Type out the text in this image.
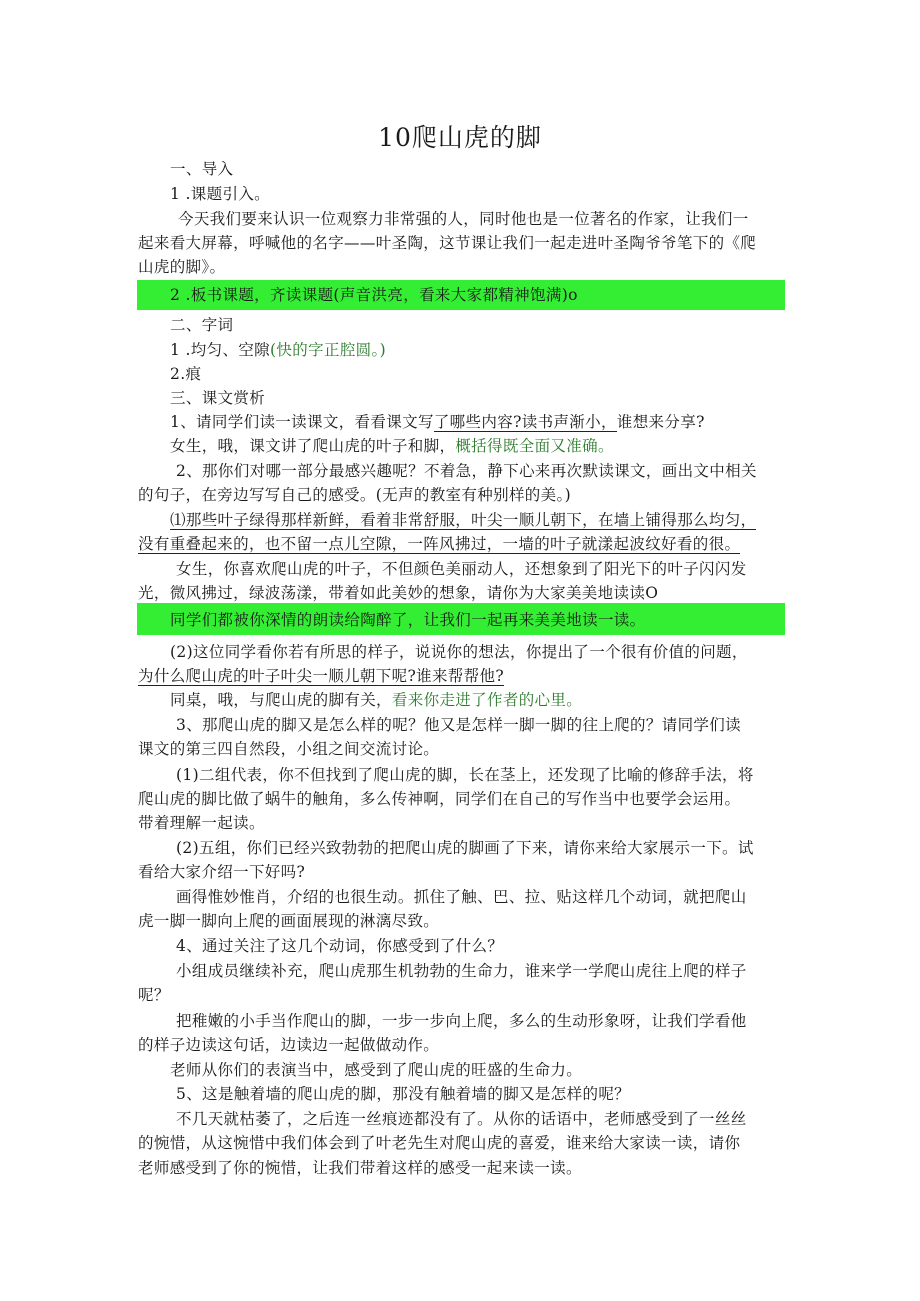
10爬山虎的脚
一、导入
1 .课题引入。
今天我们要来认识一位观察力非常强的人，同时他也是一位著名的作家，让我们一
起来看大屏幕，呼喊他的名字——叶圣陶，这节课让我们一起走进叶圣陶爷爷笔下的《爬
山虎的脚》。
2 .板书课题，齐读课题(声音洪亮，看来大家都精神饱满)o
二、字词
1 .均匀、空隙(快的字正腔圆。)
2.痕
三、课文赏析
1、请同学们读一读课文，看看课文写了哪些内容?读书声渐小，谁想来分享?
女生，哦，课文讲了爬山虎的叶子和脚，概括得既全面又准确。
2、那你们对哪一部分最感兴趣呢？不着急，静下心来再次默读课文，画出文中相关
的句子，在旁边写写自己的感受。(无声的教室有种别样的美。)
⑴那些叶子绿得那样新鲜，看着非常舒服，叶尖一顺儿朝下，在墙上铺得那么均匀，
没有重叠起来的，也不留一点儿空隙，一阵风拂过，一墙的叶子就漾起波纹好看的很。
女生，你喜欢爬山虎的叶子，不但颜色美丽动人，还想象到了阳光下的叶子闪闪发
光，微风拂过，绿波荡漾，带着如此美妙的想象，请你为大家美美地读读O
同学们都被你深情的朗读给陶醉了，让我们一起再来美美地读一读。
(2)这位同学看你若有所思的样子，说说你的想法，你提出了一个很有价值的问题，
为什么爬山虎的叶子叶尖一顺儿朝下呢?谁来帮帮他?
同桌，哦，与爬山虎的脚有关，看来你走进了作者的心里。
3、那爬山虎的脚又是怎么样的呢？他又是怎样一脚一脚的往上爬的？请同学们读
课文的第三四自然段，小组之间交流讨论。
(1)二组代表，你不但找到了爬山虎的脚，长在茎上，还发现了比喻的修辞手法，将
爬山虎的脚比做了蜗牛的触角，多么传神啊，同学们在自己的写作当中也要学会运用。
带着理解一起读。
(2)五组，你们已经兴致勃勃的把爬山虎的脚画了下来，请你来给大家展示一下。试
看给大家介绍一下好吗?
画得惟妙惟肖，介绍的也很生动。抓住了触、巴、拉、贴这样几个动词，就把爬山
虎一脚一脚向上爬的画面展现的淋漓尽致。
4、通过关注了这几个动词，你感受到了什么？
小组成员继续补充，爬山虎那生机勃勃的生命力，谁来学一学爬山虎往上爬的样子
呢？
把稚嫩的小手当作爬山的脚，一步一步向上爬，多么的生动形象呀，让我们学看他
的样子边读这句话，边读边一起做做动作。
老师从你们的表演当中，感受到了爬山虎的旺盛的生命力。
5、这是触着墙的爬山虎的脚，那没有触着墙的脚又是怎样的呢？
不几天就枯萎了，之后连一丝痕迹都没有了。从你的话语中，老师感受到了一丝丝
的惋惜，从这惋惜中我们体会到了叶老先生对爬山虎的喜爱，谁来给大家读一读，请你
老师感受到了你的惋惜，让我们带着这样的感受一起来读一读。
